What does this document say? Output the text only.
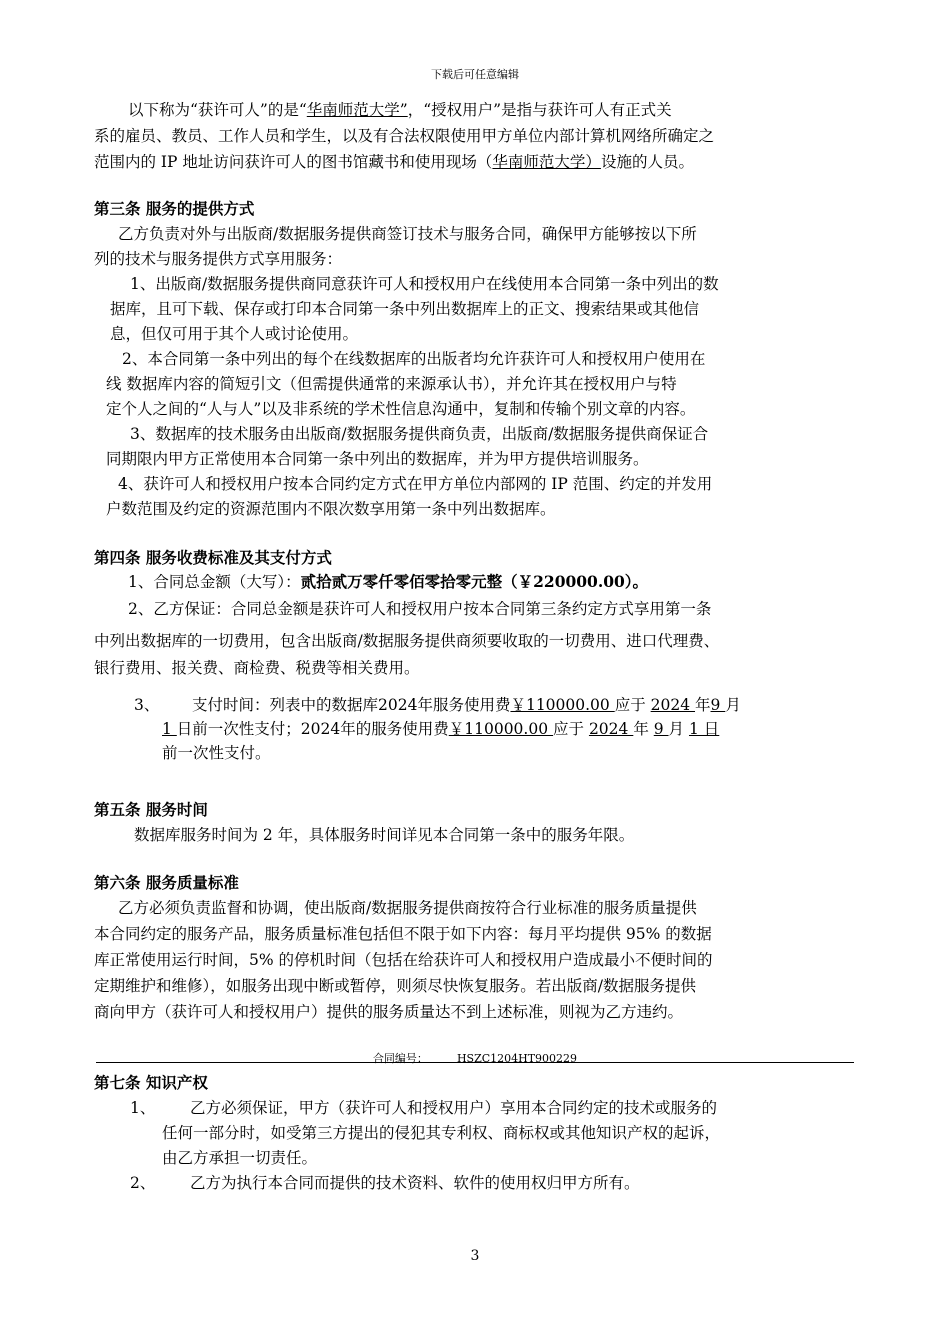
下载后可任意编辑
以下称为“获许可人”的是“华南师范大学”，“授权用户”是指与获许可人有正式关
系的雇员、教员、工作人员和学生，以及有合法权限使用甲方单位内部计算机网络所确定之
范围内的 IP 地址访问获许可人的图书馆藏书和使用现场（华南师范大学）设施的人员。
第三条 服务的提供方式
乙方负责对外与出版商/数据服务提供商签订技术与服务合同，确保甲方能够按以下所
列的技术与服务提供方式享用服务：
1、出版商/数据服务提供商同意获许可人和授权用户在线使用本合同第一条中列出的数
据库，且可下载、保存或打印本合同第一条中列出数据库上的正文、搜索结果或其他信
息，但仅可用于其个人或讨论使用。
2、本合同第一条中列出的每个在线数据库的出版者均允许获许可人和授权用户使用在
线 数据库内容的简短引文（但需提供通常的来源承认书），并允许其在授权用户与特
定个人之间的“人与人”以及非系统的学术性信息沟通中，复制和传输个别文章的内容。
3、数据库的技术服务由出版商/数据服务提供商负责，出版商/数据服务提供商保证合
同期限内甲方正常使用本合同第一条中列出的数据库，并为甲方提供培训服务。
4、获许可人和授权用户按本合同约定方式在甲方单位内部网的 IP 范围、约定的并发用
户数范围及约定的资源范围内不限次数享用第一条中列出数据库。
第四条 服务收费标准及其支付方式
1、合同总金额（大写）：贰拾贰万零仟零佰零拾零元整（￥220000.00）。
2、乙方保证：合同总金额是获许可人和授权用户按本合同第三条约定方式享用第一条
中列出数据库的一切费用，包含出版商/数据服务提供商须要收取的一切费用、进口代理费、
银行费用、报关费、商检费、税费等相关费用。
3、 支付时间：列表中的数据库2024年服务使用费￥110000.00 应于 2024 年9 月
1 日前一次性支付；2024年的服务使用费￥110000.00 应于 2024 年 9 月 1 日
前一次性支付。
第五条 服务时间
数据库服务时间为 2 年，具体服务时间详见本合同第一条中的服务年限。
第六条 服务质量标准
乙方必须负责监督和协调，使出版商/数据服务提供商按符合行业标准的服务质量提供
本合同约定的服务产品，服务质量标准包括但不限于如下内容：每月平均提供 95% 的数据
库正常使用运行时间，5% 的停机时间（包括在给获许可人和授权用户造成最小不便时间的
定期维护和维修），如服务出现中断或暂停，则须尽快恢复服务。若出版商/数据服务提供
商向甲方（获许可人和授权用户）提供的服务质量达不到上述标准，则视为乙方违约。
合同编号：	HSZC1204HT900229
第七条 知识产权
1、 乙方必须保证，甲方（获许可人和授权用户）享用本合同约定的技术或服务的
任何一部分时，如受第三方提出的侵犯其专利权、商标权或其他知识产权的起诉，
由乙方承担一切责任。
2、 乙方为执行本合同而提供的技术资料、软件的使用权归甲方所有。
3
